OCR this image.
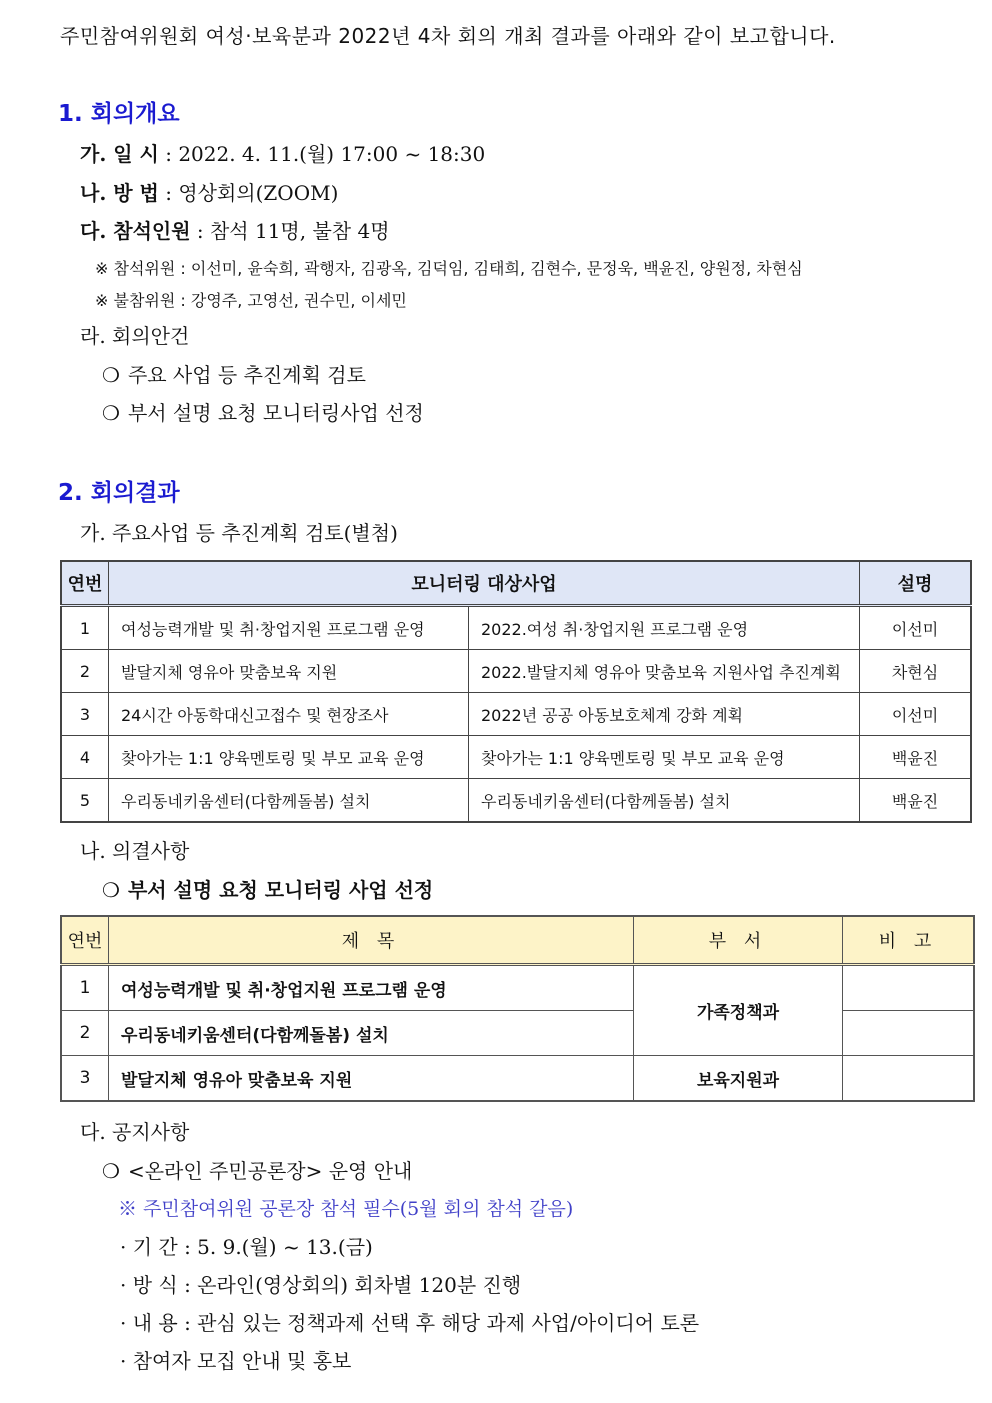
주민참여위원회 여성·보육분과 2022년 4차 회의 개최 결과를 아래와 같이 보고합니다.
1. 회의개요
가. 일 시 : 2022. 4. 11.(월) 17:00 ~ 18:30
나. 방 법 : 영상회의(ZOOM)
다. 참석인원 : 참석 11명, 불참 4명
※ 참석위원 : 이선미, 윤숙희, 곽행자, 김광옥, 김덕임, 김태희, 김현수, 문정욱, 백윤진, 양원정, 차현심
※ 불참위원 : 강영주, 고영선, 권수민, 이세민
라. 회의안건
❍ 주요 사업 등 추진계획 검토
❍ 부서 설명 요청 모니터링사업 선정
2. 회의결과
가. 주요사업 등 추진계획 검토(별첨)
연번	모니터링 대상사업		설명
1	여성능력개발 및 취·창업지원 프로그램 운영	2022.여성 취·창업지원 프로그램 운영	이선미
2	발달지체 영유아 맞춤보육 지원	2022.발달지체 영유아 맞춤보육 지원사업 추진계획	차현심
3	24시간 아동학대신고접수 및 현장조사	2022년 공공 아동보호체계 강화 계획	이선미
4	찾아가는 1:1 양육멘토링 및 부모 교육 운영	찾아가는 1:1 양육멘토링 및 부모 교육 운영	백윤진
5	우리동네키움센터(다함께돌봄) 설치	우리동네키움센터(다함께돌봄) 설치	백윤진
나. 의결사항
❍ 부서 설명 요청 모니터링 사업 선정
연번	제 목	부 서	비 고
1	여성능력개발 및 취·창업지원 프로그램 운영	가족정책과	
2	우리동네키움센터(다함께돌봄) 설치		
3	발달지체 영유아 맞춤보육 지원	보육지원과	
다. 공지사항
❍ <온라인 주민공론장> 운영 안내
※ 주민참여위원 공론장 참석 필수(5월 회의 참석 갈음)
· 기 간 : 5. 9.(월) ~ 13.(금)
· 방 식 : 온라인(영상회의) 회차별 120분 진행
· 내 용 : 관심 있는 정책과제 선택 후 해당 과제 사업/아이디어 토론
· 참여자 모집 안내 및 홍보
